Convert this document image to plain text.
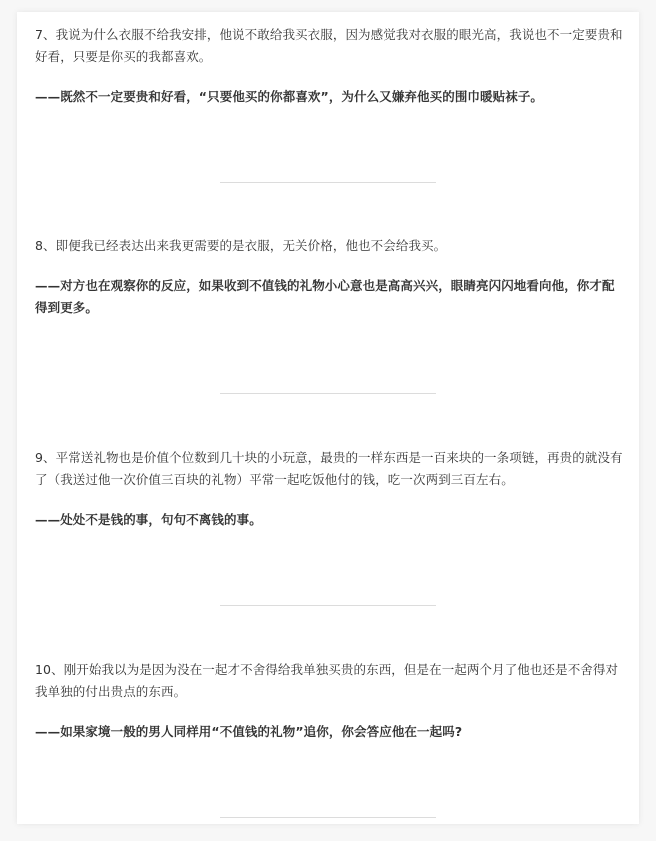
7、我说为什么衣服不给我安排，他说不敢给我买衣服，因为感觉我对衣服的眼光高，我说也不一定要贵和好看，只要是你买的我都喜欢。

——既然不一定要贵和好看，“只要他买的你都喜欢”，为什么又嫌弃他买的围巾暖贴袜子。

8、即便我已经表达出来我更需要的是衣服，无关价格，他也不会给我买。

——对方也在观察你的反应，如果收到不值钱的礼物小心意也是高高兴兴，眼睛亮闪闪地看向他，你才配得到更多。

9、平常送礼物也是价值个位数到几十块的小玩意，最贵的一样东西是一百来块的一条项链，再贵的就没有了（我送过他一次价值三百块的礼物）平常一起吃饭他付的钱，吃一次两到三百左右。

——处处不是钱的事，句句不离钱的事。

10、刚开始我以为是因为没在一起才不舍得给我单独买贵的东西，但是在一起两个月了他也还是不舍得对我单独的付出贵点的东西。

——如果家境一般的男人同样用“不值钱的礼物”追你，你会答应他在一起吗?
